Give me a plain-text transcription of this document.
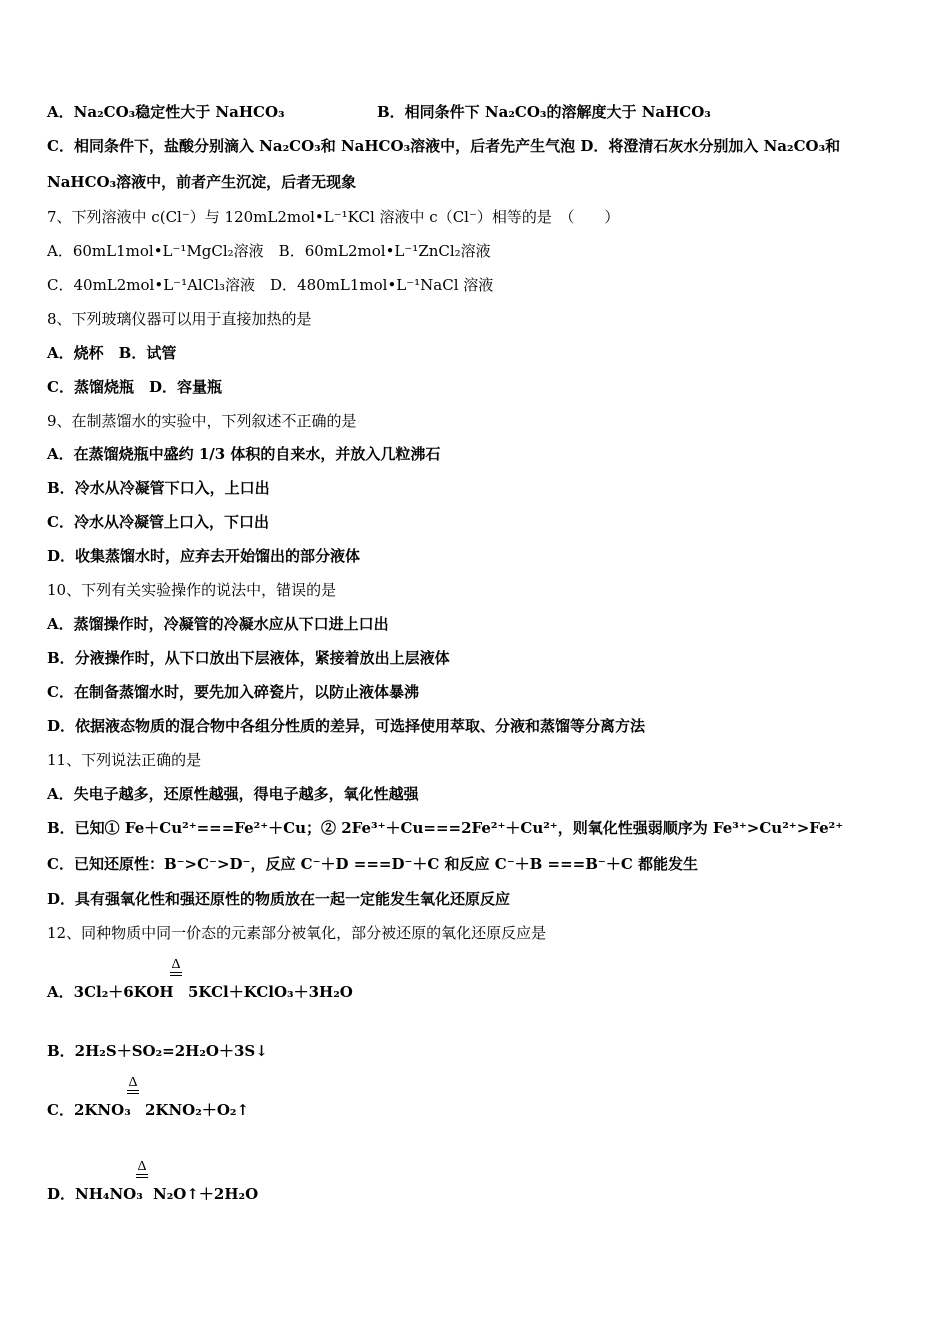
A．Na₂CO₃稳定性大于 NaHCO₃	B．相同条件下 Na₂CO₃的溶解度大于 NaHCO₃
C．相同条件下，盐酸分别滴入 Na₂CO₃和 NaHCO₃溶液中，后者先产生气泡 D．将澄清石灰水分别加入 Na₂CO₃和
NaHCO₃溶液中，前者产生沉淀，后者无现象
7、下列溶液中 c(Cl⁻）与 120mL2mol•L⁻¹KCl 溶液中 c（Cl⁻）相等的是　（　　）
A．60mL1mol•L⁻¹MgCl₂溶液　B．60mL2mol•L⁻¹ZnCl₂溶液
C．40mL2mol•L⁻¹AlCl₃溶液　D．480mL1mol•L⁻¹NaCl 溶液
8、下列玻璃仪器可以用于直接加热的是
A．烧杯　B．试管
C．蒸馏烧瓶　D．容量瓶
9、在制蒸馏水的实验中，下列叙述不正确的是
A．在蒸馏烧瓶中盛约 1/3 体积的自来水，并放入几粒沸石
B．冷水从冷凝管下口入，上口出
C．冷水从冷凝管上口入，下口出
D．收集蒸馏水时，应弃去开始馏出的部分液体
10、下列有关实验操作的说法中，错误的是
A．蒸馏操作时，冷凝管的冷凝水应从下口进上口出
B．分液操作时，从下口放出下层液体，紧接着放出上层液体
C．在制备蒸馏水时，要先加入碎瓷片，以防止液体暴沸
D．依据液态物质的混合物中各组分性质的差异，可选择使用萃取、分液和蒸馏等分离方法
11、下列说法正确的是
A．失电子越多，还原性越强，得电子越多，氧化性越强
B．已知① Fe＋Cu²⁺===Fe²⁺＋Cu；② 2Fe³⁺＋Cu===2Fe²⁺＋Cu²⁺，则氧化性强弱顺序为 Fe³⁺>Cu²⁺>Fe²⁺
C．已知还原性：B⁻>C⁻>D⁻，反应 C⁻＋D ===D⁻＋C 和反应 C⁻＋B ===B⁻＋C 都能发生
D．具有强氧化性和强还原性的物质放在一起一定能发生氧化还原反应
12、同种物质中同一价态的元素部分被氧化，部分被还原的氧化还原反应是
Δ
A．3Cl₂＋6KOH 5KCl＋KClO₃＋3H₂O
B．2H₂S＋SO₂=2H₂O＋3S↓
Δ
C．2KNO₃ 2KNO₂＋O₂↑
Δ
D．NH₄NO₃ N₂O↑＋2H₂O
